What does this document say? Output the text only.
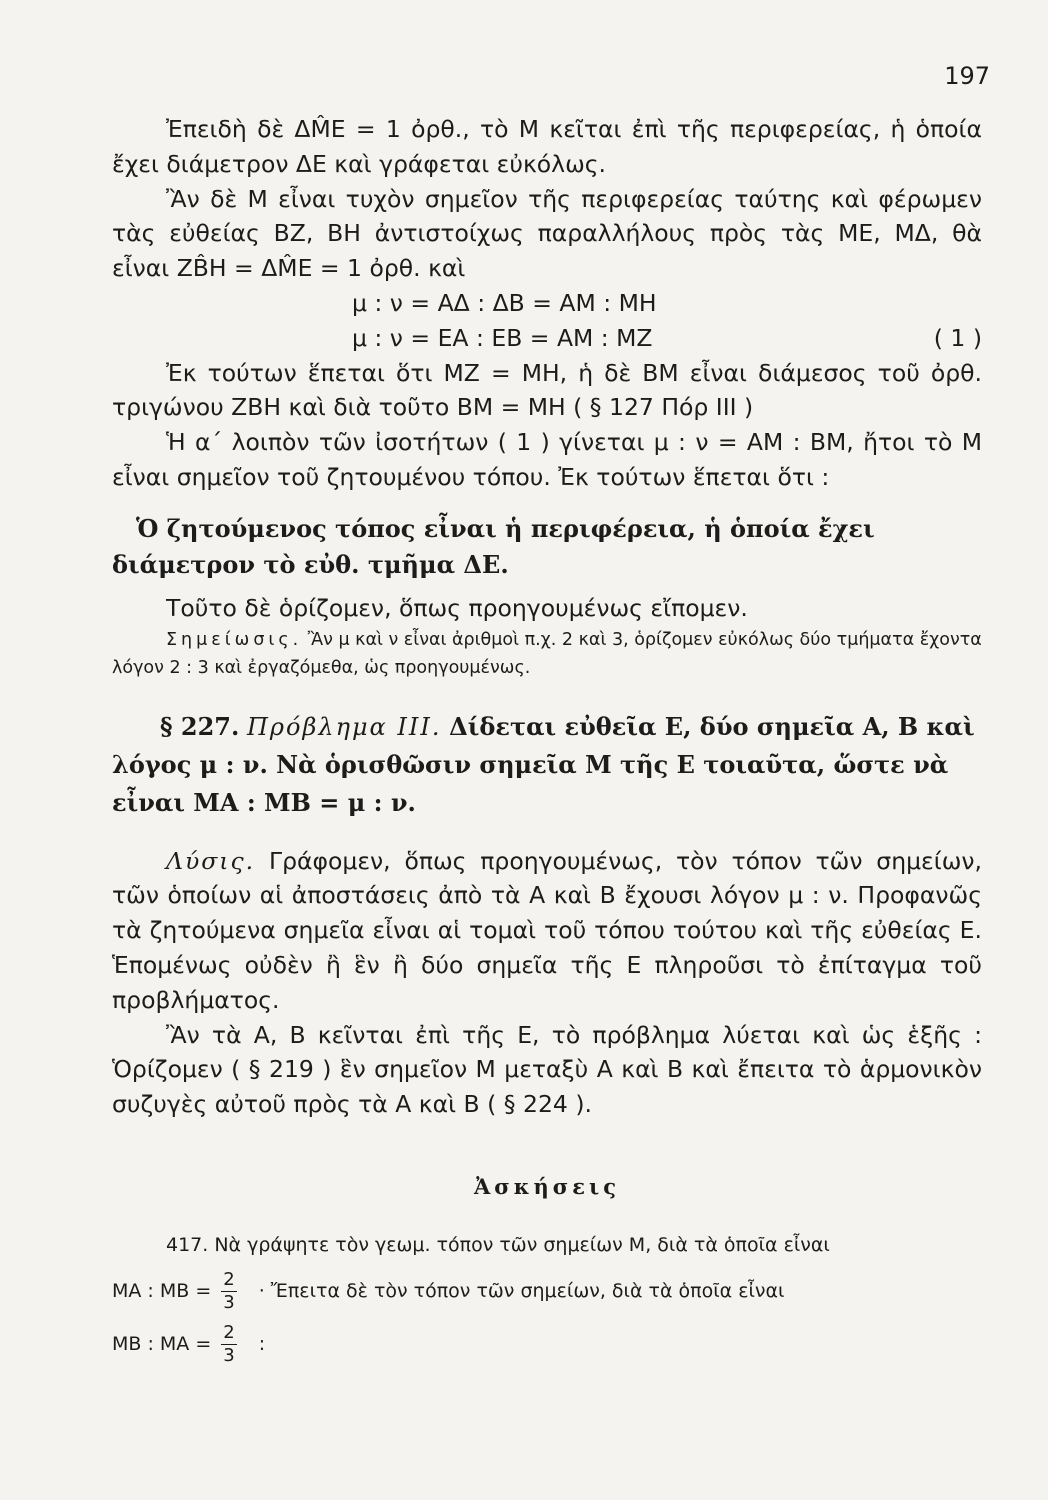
197

Ἐπειδὴ δὲ ΔM̂E = 1 ὀρθ., τὸ M κεῖται ἐπὶ τῆς περιφερείας, ἡ ὁποία ἔχει διάμετρον ΔE καὶ γράφεται εὐκόλως.

Ἂν δὲ M εἶναι τυχὸν σημεῖον τῆς περιφερείας ταύτης καὶ φέρωμεν τὰς εὐθείας BZ, BH ἀντιστοίχως παραλλήλους πρὸς τὰς ME, MΔ, θὰ εἶναι ZB̂H = ΔM̂E = 1 ὀρθ. καὶ

μ : ν = AΔ : ΔB = AM : MH

μ : ν = EA : EB = AM : MZ	( 1 )

Ἐκ τούτων ἕπεται ὅτι MZ = MH, ἡ δὲ BM εἶναι διάμεσος τοῦ ὀρθ. τριγώνου ZBH καὶ διὰ τοῦτο BM = MH ( § 127 Πόρ III )

Ἡ α΄ λοιπὸν τῶν ἰσοτήτων ( 1 ) γίνεται μ : ν = AM : BM, ἤτοι τὸ M εἶναι σημεῖον τοῦ ζητουμένου τόπου. Ἐκ τούτων ἕπεται ὅτι :

Ὁ ζητούμενος τόπος εἶναι ἡ περιφέρεια, ἡ ὁποία ἔχει διάμετρον τὸ εὐθ. τμῆμα ΔE.

Τοῦτο δὲ ὁρίζομεν, ὅπως προηγουμένως εἴπομεν.

Σημείωσις. Ἂν μ καὶ ν εἶναι ἀριθμοὶ π.χ. 2 καὶ 3, ὁρίζομεν εὐκόλως δύο τμήματα ἔχοντα λόγον 2 : 3 καὶ ἐργαζόμεθα, ὡς προηγουμένως.

§ 227. Πρόβλημα III. Δίδεται εὐθεῖα E, δύο σημεῖα A, B καὶ λόγος μ : ν. Νὰ ὁρισθῶσιν σημεῖα M τῆς E τοιαῦτα, ὥστε νὰ εἶναι MA : MB = μ : ν.

Λύσις. Γράφομεν, ὅπως προηγουμένως, τὸν τόπον τῶν σημείων, τῶν ὁποίων αἱ ἀποστάσεις ἀπὸ τὰ A καὶ B ἔχουσι λόγον μ : ν. Προφανῶς τὰ ζητούμενα σημεῖα εἶναι αἱ τομαὶ τοῦ τόπου τούτου καὶ τῆς εὐθείας E. Ἑπομένως οὐδὲν ἢ ἓν ἢ δύο σημεῖα τῆς E πληροῦσι τὸ ἐπίταγμα τοῦ προβλήματος.

Ἂν τὰ A, B κεῖνται ἐπὶ τῆς E, τὸ πρόβλημα λύεται καὶ ὡς ἑξῆς : Ὁρίζομεν ( § 219 ) ἓν σημεῖον M μεταξὺ A καὶ B καὶ ἔπειτα τὸ ἁρμονικὸν συζυγὲς αὐτοῦ πρὸς τὰ A καὶ B ( § 224 ).

Ἀσκήσεις

417. Νὰ γράψητε τὸν γεωμ. τόπον τῶν σημείων M, διὰ τὰ ὁποῖα εἶναι

MA : MB = $\frac{2}{3}$ · Ἔπειτα δὲ τὸν τόπον τῶν σημείων, διὰ τὰ ὁποῖα εἶναι
MB : MA = $\frac{2}{3}$ :
